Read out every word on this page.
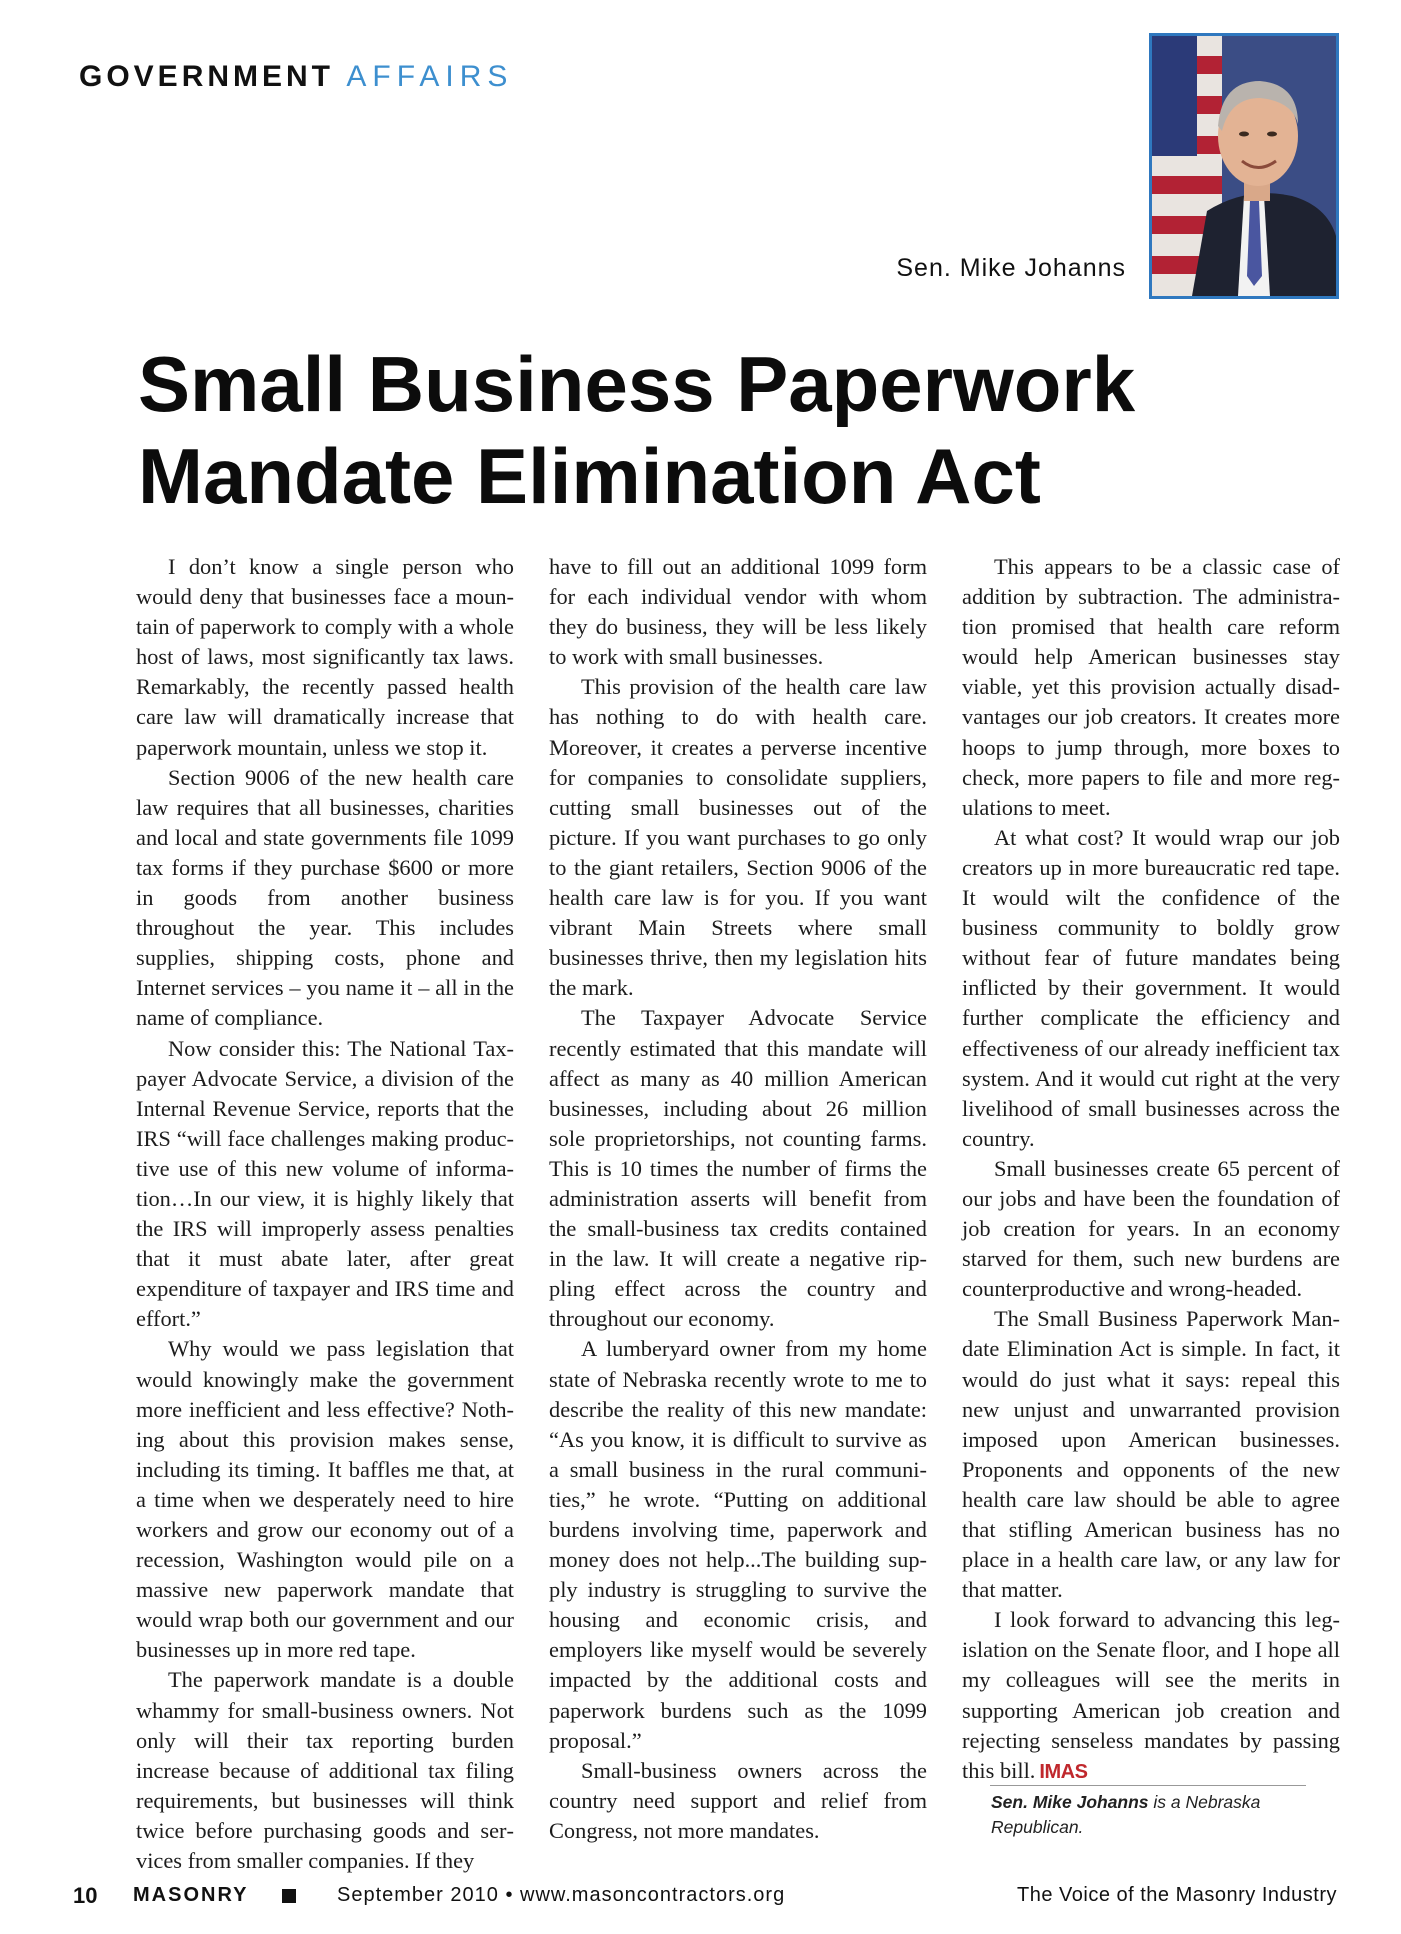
GOVERNMENT AFFAIRS
Sen. Mike Johanns
Small Business Paperwork
Mandate Elimination Act

I don’t know a single person who would deny that businesses face a mountain of paperwork to comply with a whole host of laws, most significantly tax laws. Remarkably, the recently passed health care law will dramatically increase that paperwork mountain, unless we stop it.

Section 9006 of the new health care law requires that all businesses, charities and local and state governments file 1099 tax forms if they purchase $600 or more in goods from another business throughout the year. This includes supplies, shipping costs, phone and Internet services – you name it – all in the name of compliance.

Now consider this: The National Taxpayer Advocate Service, a division of the Internal Revenue Service, reports that the IRS “will face challenges making productive use of this new volume of information…In our view, it is highly likely that the IRS will improperly assess penalties that it must abate later, after great expenditure of taxpayer and IRS time and effort.”

Why would we pass legislation that would knowingly make the government more inefficient and less effective? Nothing about this provision makes sense, including its timing. It baffles me that, at a time when we desperately need to hire workers and grow our economy out of a recession, Washington would pile on a massive new paperwork mandate that would wrap both our government and our businesses up in more red tape.

The paperwork mandate is a double whammy for small-business owners. Not only will their tax reporting burden increase because of additional tax filing requirements, but businesses will think twice before purchasing goods and services from smaller companies. If they

have to fill out an additional 1099 form for each individual vendor with whom they do business, they will be less likely to work with small businesses.

This provision of the health care law has nothing to do with health care. Moreover, it creates a perverse incentive for companies to consolidate suppliers, cutting small businesses out of the picture. If you want purchases to go only to the giant retailers, Section 9006 of the health care law is for you. If you want vibrant Main Streets where small businesses thrive, then my legislation hits the mark.

The Taxpayer Advocate Service recently estimated that this mandate will affect as many as 40 million American businesses, including about 26 million sole proprietorships, not counting farms. This is 10 times the number of firms the administration asserts will benefit from the small-business tax credits contained in the law. It will create a negative rippling effect across the country and throughout our economy.

A lumberyard owner from my home state of Nebraska recently wrote to me to describe the reality of this new mandate: “As you know, it is difficult to survive as a small business in the rural communities,” he wrote. “Putting on additional burdens involving time, paperwork and money does not help...The building supply industry is struggling to survive the housing and economic crisis, and employers like myself would be severely impacted by the additional costs and paperwork burdens such as the 1099 proposal.”

Small-business owners across the country need support and relief from Congress, not more mandates.

This appears to be a classic case of addition by subtraction. The administration promised that health care reform would help American businesses stay viable, yet this provision actually disadvantages our job creators. It creates more hoops to jump through, more boxes to check, more papers to file and more regulations to meet.

At what cost? It would wrap our job creators up in more bureaucratic red tape. It would wilt the confidence of the business community to boldly grow without fear of future mandates being inflicted by their government. It would further complicate the efficiency and effectiveness of our already inefficient tax system. And it would cut right at the very livelihood of small businesses across the country.

Small businesses create 65 percent of our jobs and have been the foundation of job creation for years. In an economy starved for them, such new burdens are counterproductive and wrong-headed.

The Small Business Paperwork Mandate Elimination Act is simple. In fact, it would do just what it says: repeal this new unjust and unwarranted provision imposed upon American businesses. Proponents and opponents of the new health care law should be able to agree that stifling American business has no place in a health care law, or any law for that matter.

I look forward to advancing this legislation on the Senate floor, and I hope all my colleagues will see the merits in supporting American job creation and rejecting senseless mandates by passing this bill. IMAS

Sen. Mike Johanns is a Nebraska Republican.
10 MASONRY	September 2010 • www.masoncontractors.org	The Voice of the Masonry Industry
